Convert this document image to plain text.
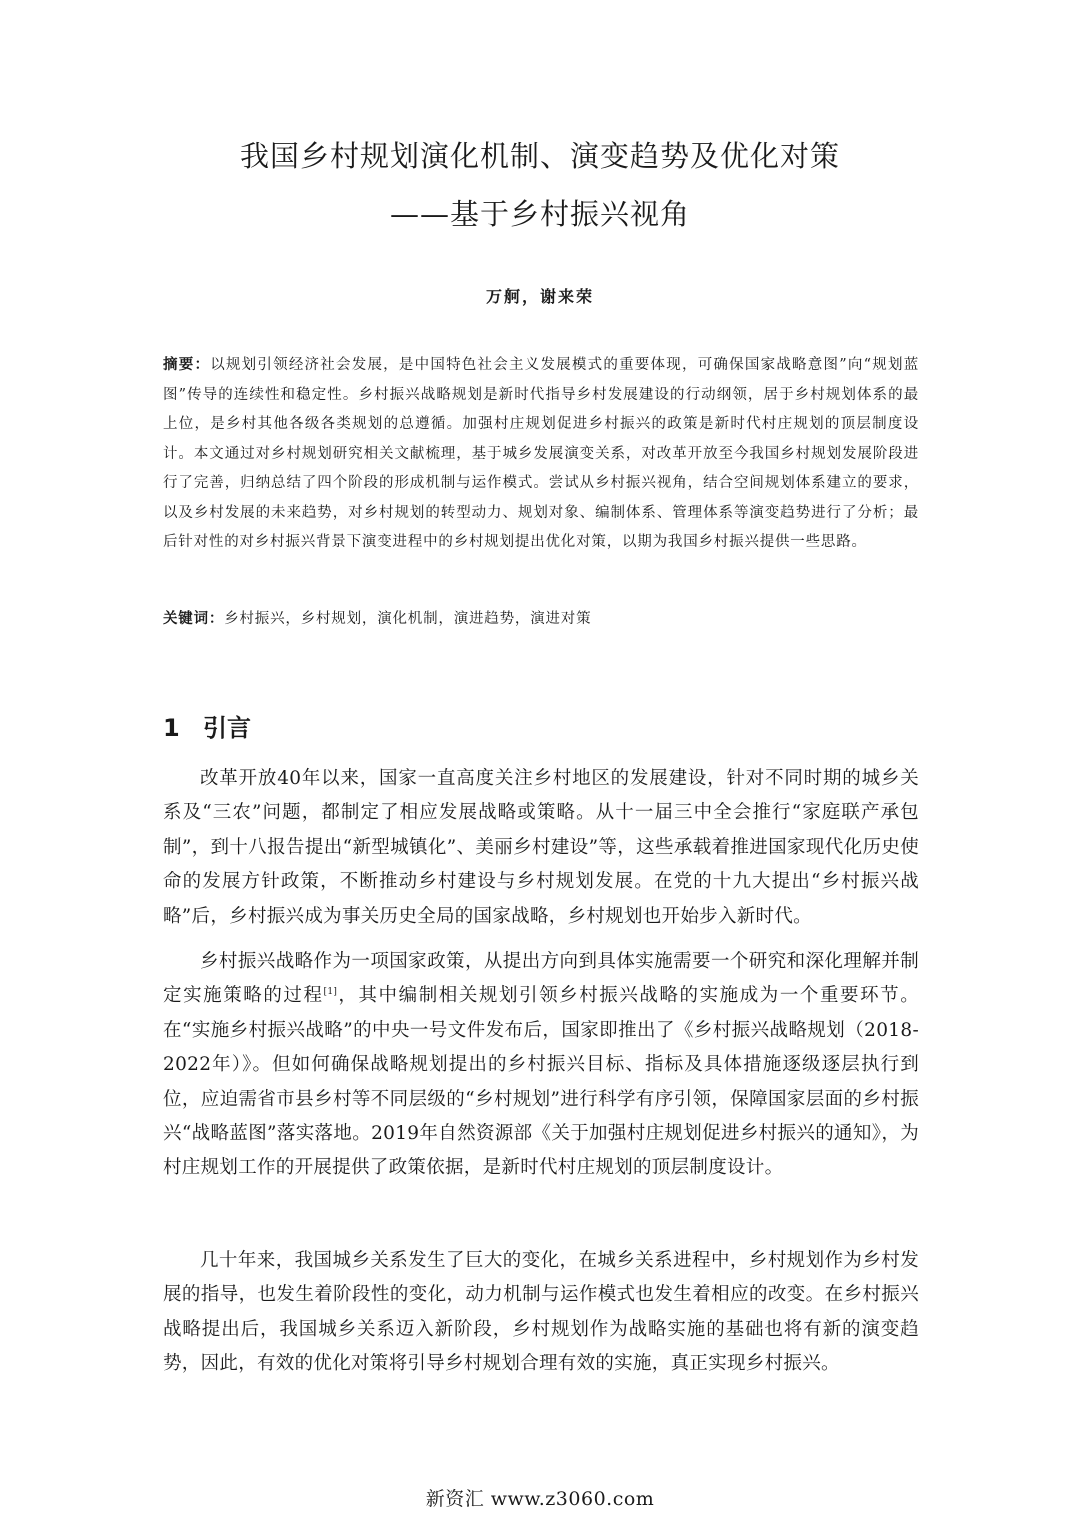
我国乡村规划演化机制、演变趋势及优化对策
——基于乡村振兴视角
万舸，谢来荣

摘要：以规划引领经济社会发展，是中国特色社会主义发展模式的重要体现，可确保国家战略意图”向“规划蓝图”传导的连续性和稳定性。乡村振兴战略规划是新时代指导乡村发展建设的行动纲领，居于乡村规划体系的最上位，是乡村其他各级各类规划的总遵循。加强村庄规划促进乡村振兴的政策是新时代村庄规划的顶层制度设计。本文通过对乡村规划研究相关文献梳理，基于城乡发展演变关系，对改革开放至今我国乡村规划发展阶段进行了完善，归纳总结了四个阶段的形成机制与运作模式。尝试从乡村振兴视角，结合空间规划体系建立的要求，以及乡村发展的未来趋势，对乡村规划的转型动力、规划对象、编制体系、管理体系等演变趋势进行了分析；最后针对性的对乡村振兴背景下演变进程中的乡村规划提出优化对策，以期为我国乡村振兴提供一些思路。

关键词：乡村振兴，乡村规划，演化机制，演进趋势，演进对策

1 引言

改革开放40年以来，国家一直高度关注乡村地区的发展建设，针对不同时期的城乡关系及“三农”问题，都制定了相应发展战略或策略。从十一届三中全会推行“家庭联产承包制”，到十八报告提出“新型城镇化”、美丽乡村建设”等，这些承载着推进国家现代化历史使命的发展方针政策，不断推动乡村建设与乡村规划发展。在党的十九大提出“乡村振兴战略”后，乡村振兴成为事关历史全局的国家战略，乡村规划也开始步入新时代。

乡村振兴战略作为一项国家政策，从提出方向到具体实施需要一个研究和深化理解并制定实施策略的过程[1]，其中编制相关规划引领乡村振兴战略的实施成为一个重要环节。在“实施乡村振兴战略”的中央一号文件发布后，国家即推出了《乡村振兴战略规划（2018-2022年）》。但如何确保战略规划提出的乡村振兴目标、指标及具体措施逐级逐层执行到位，应迫需省市县乡村等不同层级的“乡村规划”进行科学有序引领，保障国家层面的乡村振兴“战略蓝图”落实落地。2019年自然资源部《关于加强村庄规划促进乡村振兴的通知》，为村庄规划工作的开展提供了政策依据，是新时代村庄规划的顶层制度设计。

几十年来，我国城乡关系发生了巨大的变化，在城乡关系进程中，乡村规划作为乡村发展的指导，也发生着阶段性的变化，动力机制与运作模式也发生着相应的改变。在乡村振兴战略提出后，我国城乡关系迈入新阶段，乡村规划作为战略实施的基础也将有新的演变趋势，因此，有效的优化对策将引导乡村规划合理有效的实施，真正实现乡村振兴。

新资汇 www.z3060.com
